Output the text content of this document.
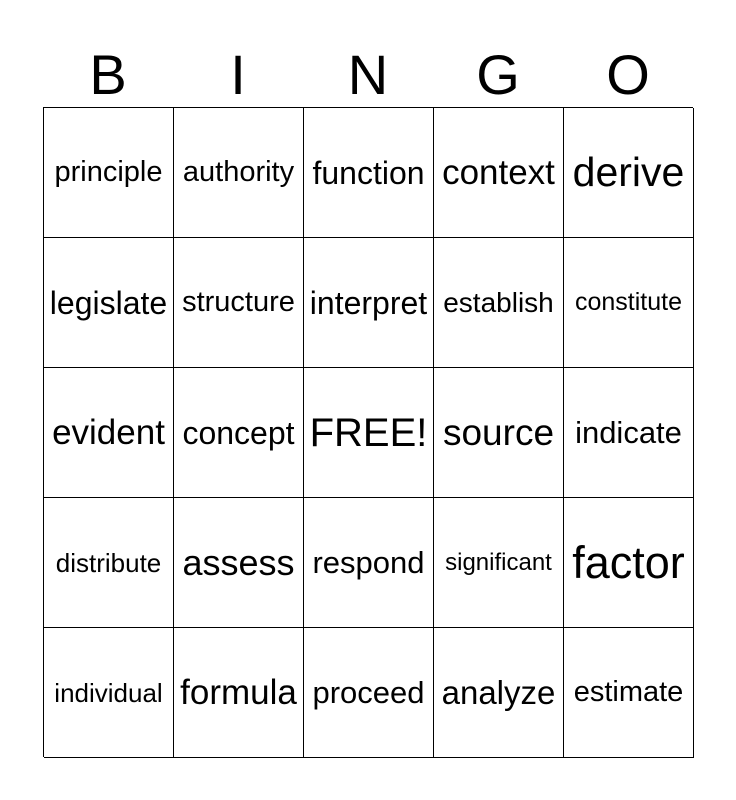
B	I	N	G	O
principle authority function context derive
legislate structure interpret establish constitute
evident concept FREE! source indicate
distribute assess respond significant factor
individual formula proceed analyze estimate
